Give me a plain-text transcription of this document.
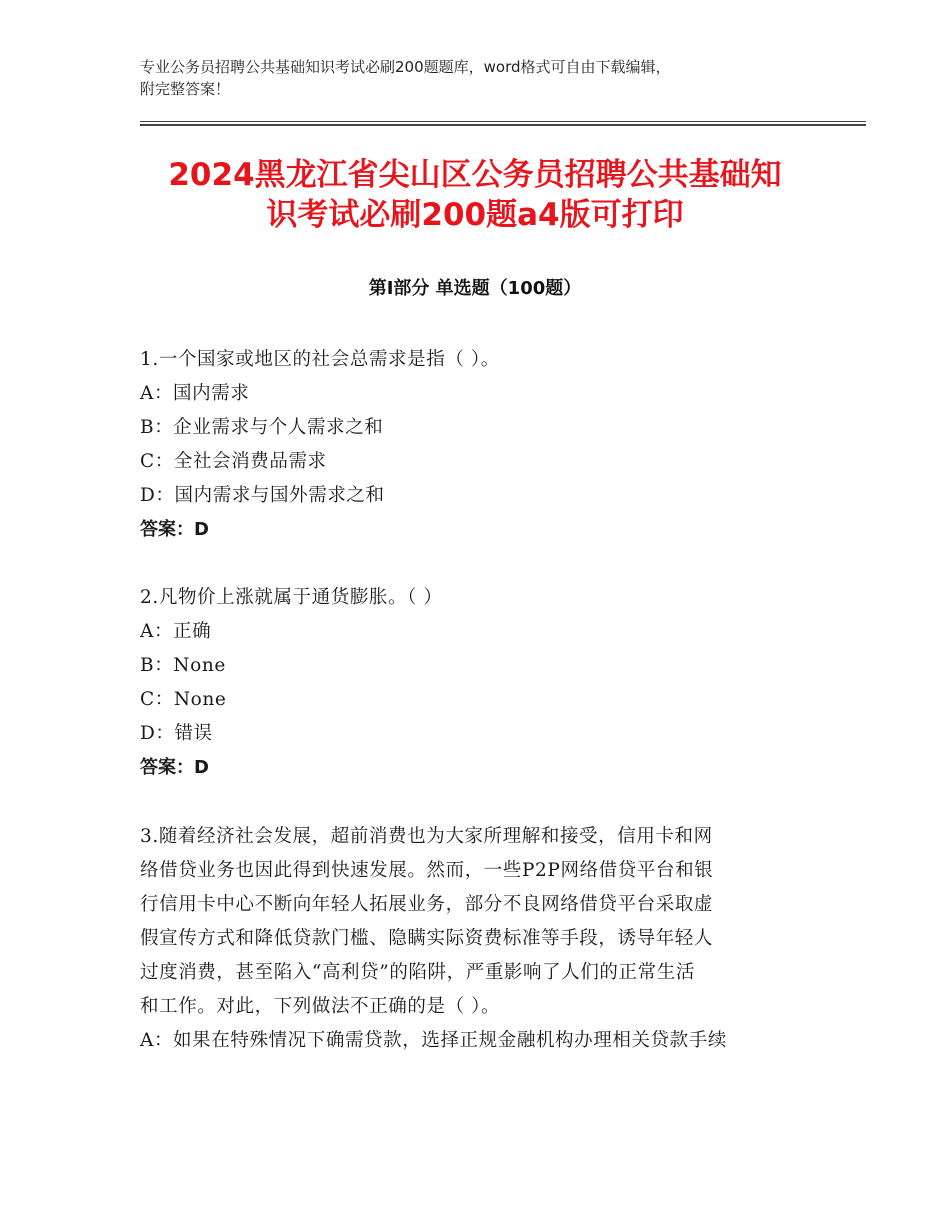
专业公务员招聘公共基础知识考试必刷200题题库，word格式可自由下载编辑，
附完整答案！
2024黑龙江省尖山区公务员招聘公共基础知
识考试必刷200题a4版可打印
第Ⅰ部分 单选题（100题）
1.一个国家或地区的社会总需求是指（ ）。
A：国内需求
B：企业需求与个人需求之和
C：全社会消费品需求
D：国内需求与国外需求之和
答案：D
2.凡物价上涨就属于通货膨胀。（ ）
A：正确
B：None
C：None
D：错误
答案：D
3.随着经济社会发展，超前消费也为大家所理解和接受，信用卡和网
络借贷业务也因此得到快速发展。然而，一些P2P网络借贷平台和银
行信用卡中心不断向年轻人拓展业务，部分不良网络借贷平台采取虚
假宣传方式和降低贷款门槛、隐瞒实际资费标准等手段，诱导年轻人
过度消费，甚至陷入“高利贷”的陷阱，严重影响了人们的正常生活
和工作。对此，下列做法不正确的是（ ）。
A：如果在特殊情况下确需贷款，选择正规金融机构办理相关贷款手续
